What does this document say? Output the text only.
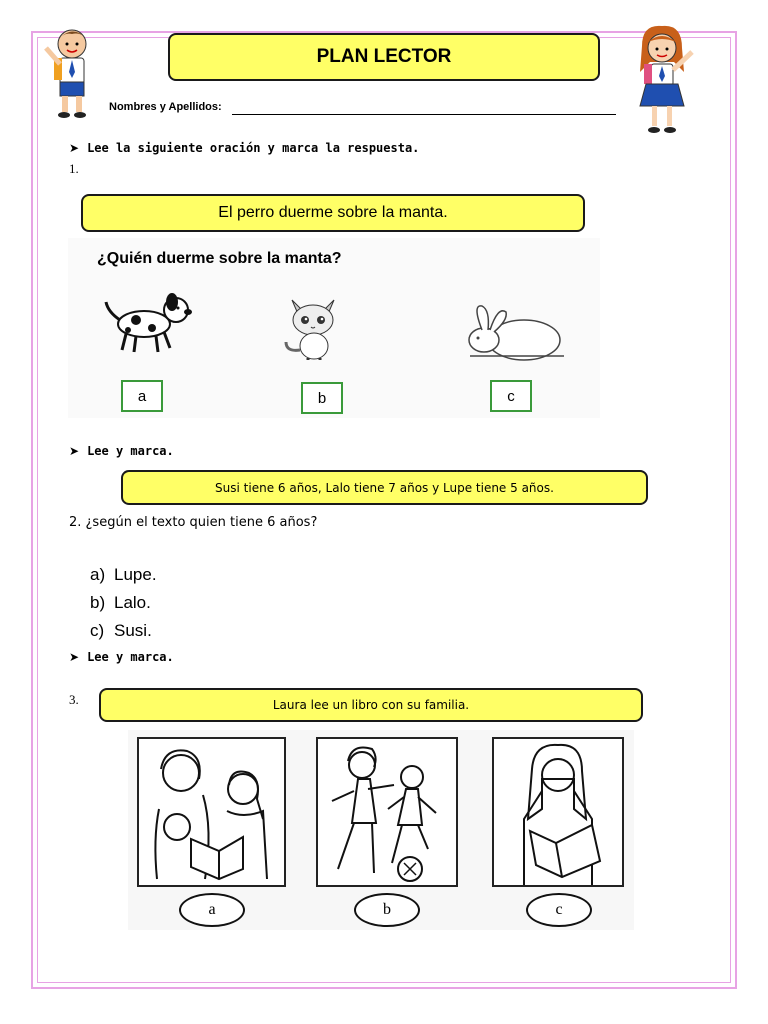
PLAN LECTOR
Nombres y Apellidos:
➤ Lee la siguiente oración y marca la respuesta.
1.
El perro duerme sobre la manta.
¿Quién duerme sobre la manta?
a	b	c
➤ Lee y marca.
Susi tiene 6 años, Lalo tiene 7 años y Lupe tiene 5 años.
2. ¿según el texto quien tiene 6 años?
a) Lupe.
b) Lalo.
c) Susi.
➤ Lee y marca.
3.	Laura lee un libro con su familia.
a	b	c
